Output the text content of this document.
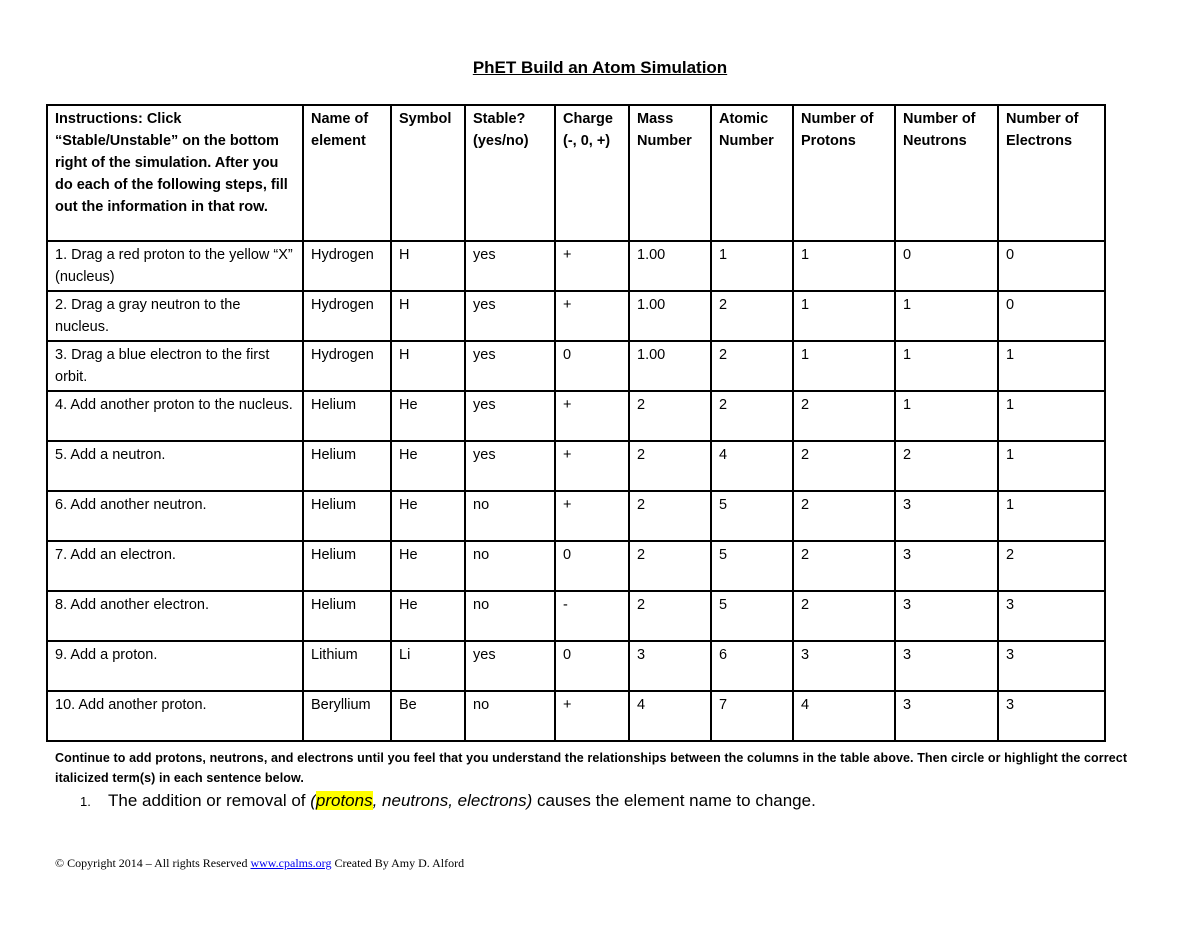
PhET Build an Atom Simulation
Instructions: Click “Stable/Unstable” on the bottom right of the simulation. After you do each of the following steps, fill out the information in that row.	Name of element	Symbol	Stable? (yes/no)	Charge (-, 0, +)	Mass Number	Atomic Number	Number of Protons	Number of Neutrons	Number of Electrons
1. Drag a red proton to the yellow “X” (nucleus)	Hydrogen	H	yes	+	1.00	1	1	0	0
2. Drag a gray neutron to the nucleus.	Hydrogen	H	yes	+	1.00	2	1	1	0
3. Drag a blue electron to the first orbit.	Hydrogen	H	yes	0	1.00	2	1	1	1
4. Add another proton to the nucleus.	Helium	He	yes	+	2	2	2	1	1
5. Add a neutron.	Helium	He	yes	+	2	4	2	2	1
6. Add another neutron.	Helium	He	no	+	2	5	2	3	1
7. Add an electron.	Helium	He	no	0	2	5	2	3	2
8. Add another electron.	Helium	He	no	-	2	5	2	3	3
9. Add a proton.	Lithium	Li	yes	0	3	6	3	3	3
10. Add another proton.	Beryllium	Be	no	+	4	7	4	3	3
Continue to add protons, neutrons, and electrons until you feel that you understand the relationships between the columns in the table above. Then circle or highlight the correct italicized term(s) in each sentence below.
1. The addition or removal of (protons, neutrons, electrons) causes the element name to change.
© Copyright 2014 – All rights Reserved www.cpalms.org Created By Amy D. Alford
